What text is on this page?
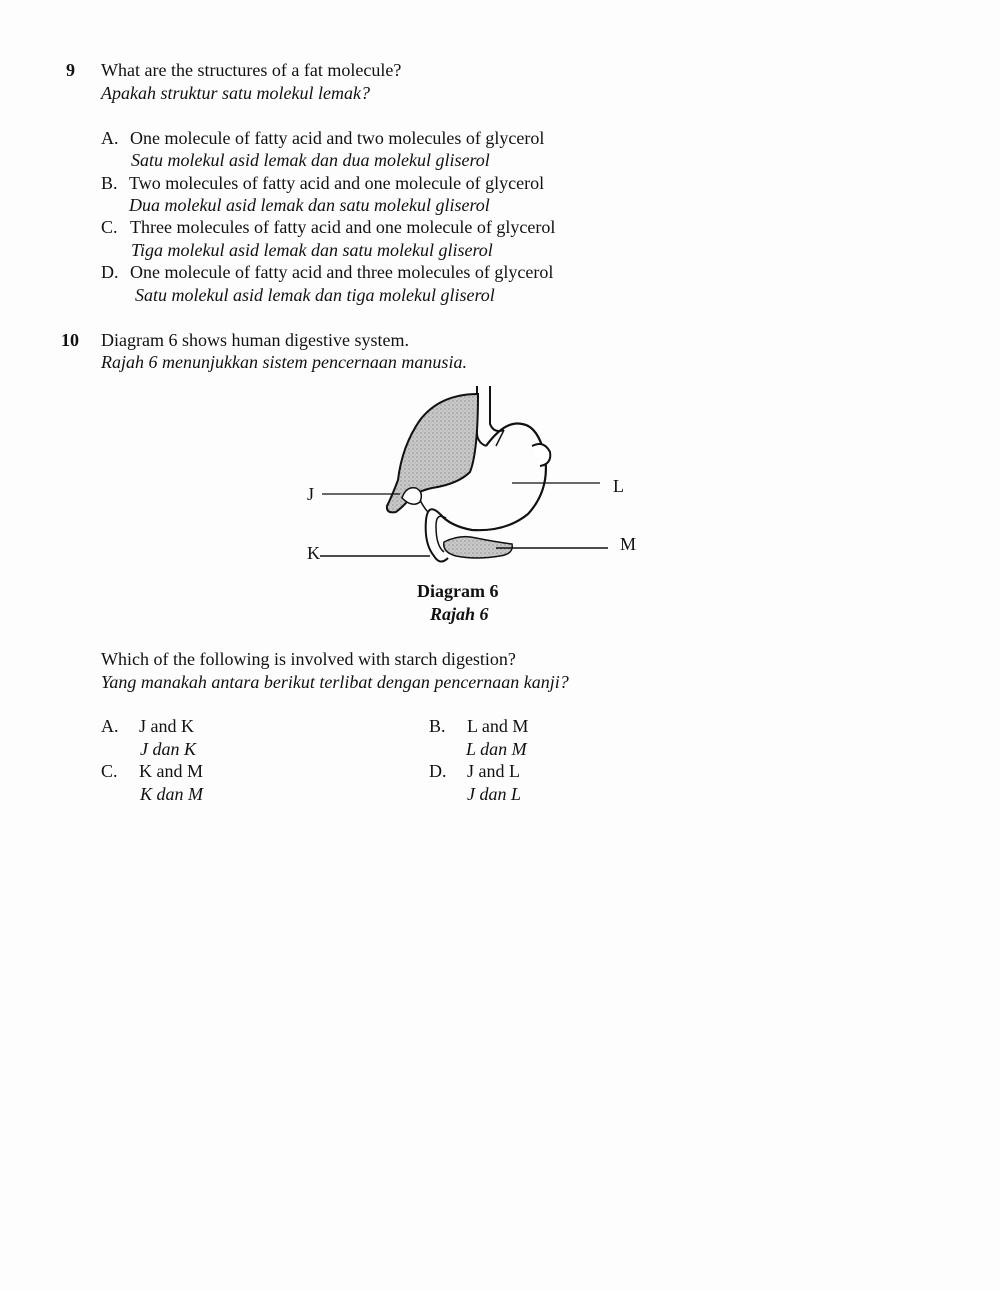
9 What are the structures of a fat molecule?
Apakah struktur satu molekul lemak?
A. One molecule of fatty acid and two molecules of glycerol
Satu molekul asid lemak dan dua molekul gliserol
B. Two molecules of fatty acid and one molecule of glycerol
Dua molekul asid lemak dan satu molekul gliserol
C. Three molecules of fatty acid and one molecule of glycerol
Tiga molekul asid lemak dan satu molekul gliserol
D. One molecule of fatty acid and three molecules of glycerol
Satu molekul asid lemak dan tiga molekul gliserol
10 Diagram 6 shows human digestive system.
Rajah 6 menunjukkan sistem pencernaan manusia.
J
K
L
M
Diagram 6
Rajah 6
Which of the following is involved with starch digestion?
Yang manakah antara berikut terlibat dengan pencernaan kanji?
A. J and K
J dan K
B. L and M
L dan M
C. K and M
K dan M
D. J and L
J dan L
